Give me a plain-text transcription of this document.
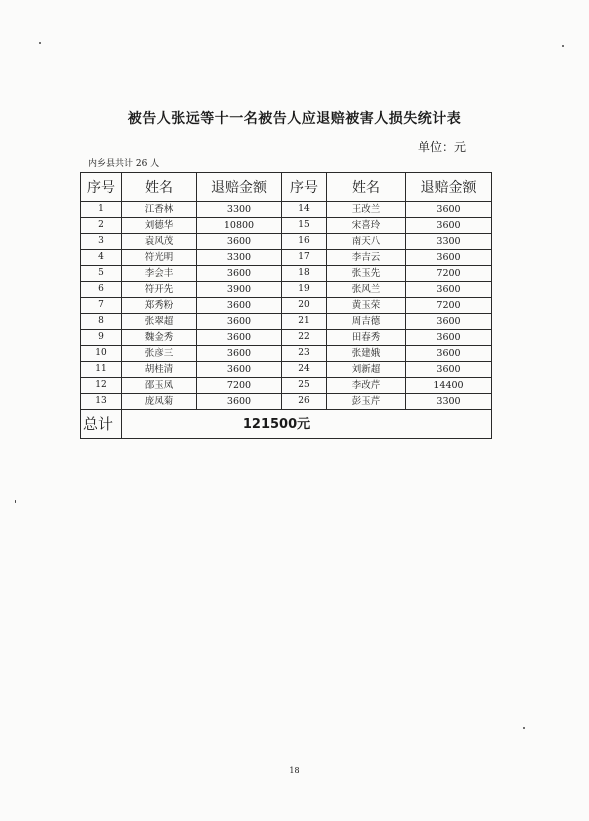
被告人张远等十一名被告人应退赔被害人损失统计表
单位：元
内乡县共计 26 人
序号	姓名	退赔金额	序号	姓名	退赔金额
1	江香林	3300	14	王改兰	3600
2	刘德华	10800	15	宋喜玲	3600
3	袁风茂	3600	16	南天八	3300
4	符光明	3300	17	李吉云	3600
5	李会丰	3600	18	张玉先	7200
6	符开先	3900	19	张风兰	3600
7	郑秀粉	3600	20	黄玉荣	7200
8	张翠超	3600	21	周吉德	3600
9	魏金秀	3600	22	田春秀	3600
10	张彦三	3600	23	张建娥	3600
11	胡桂清	3600	24	刘新超	3600
12	邵玉凤	7200	25	李改芹	14400
13	庞凤菊	3600	26	彭玉芹	3300
总计	121500元				
18
